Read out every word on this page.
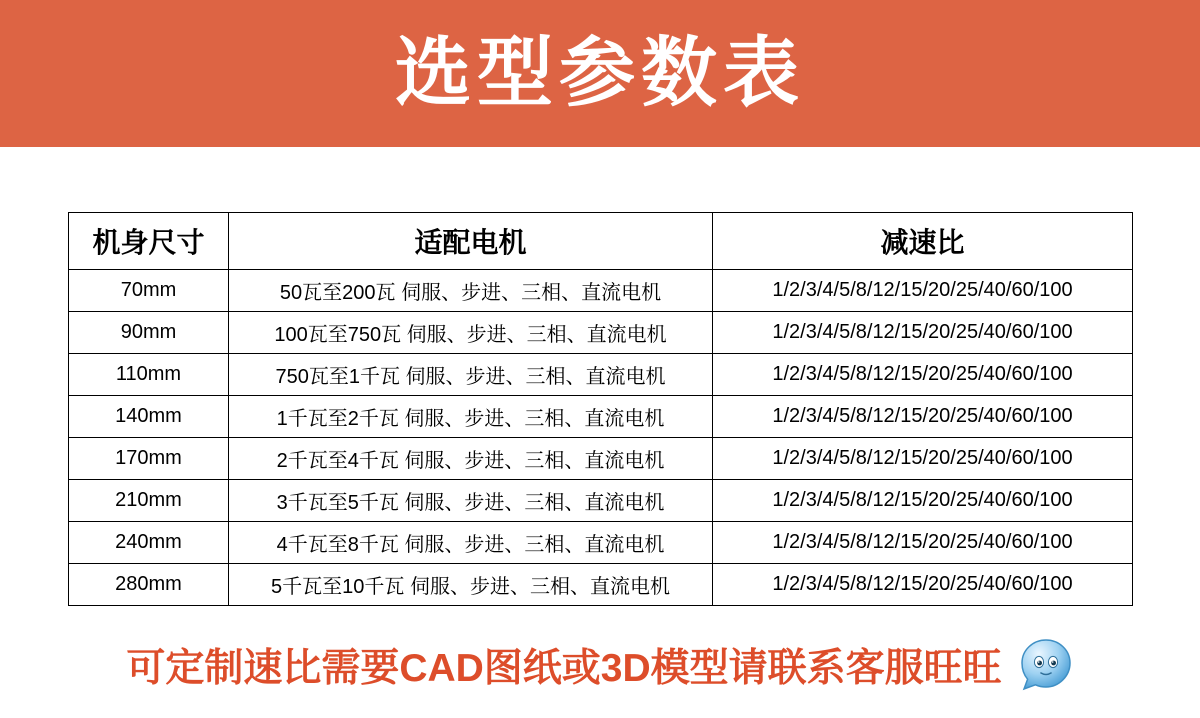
选型参数表
机身尺寸	适配电机	减速比
70mm	50瓦至200瓦 伺服、步进、三相、直流电机	1/2/3/4/5/8/12/15/20/25/40/60/100
90mm	100瓦至750瓦 伺服、步进、三相、直流电机	1/2/3/4/5/8/12/15/20/25/40/60/100
110mm	750瓦至1千瓦 伺服、步进、三相、直流电机	1/2/3/4/5/8/12/15/20/25/40/60/100
140mm	1千瓦至2千瓦 伺服、步进、三相、直流电机	1/2/3/4/5/8/12/15/20/25/40/60/100
170mm	2千瓦至4千瓦 伺服、步进、三相、直流电机	1/2/3/4/5/8/12/15/20/25/40/60/100
210mm	3千瓦至5千瓦 伺服、步进、三相、直流电机	1/2/3/4/5/8/12/15/20/25/40/60/100
240mm	4千瓦至8千瓦 伺服、步进、三相、直流电机	1/2/3/4/5/8/12/15/20/25/40/60/100
280mm	5千瓦至10千瓦 伺服、步进、三相、直流电机	1/2/3/4/5/8/12/15/20/25/40/60/100
可定制速比需要CAD图纸或3D模型请联系客服旺旺
